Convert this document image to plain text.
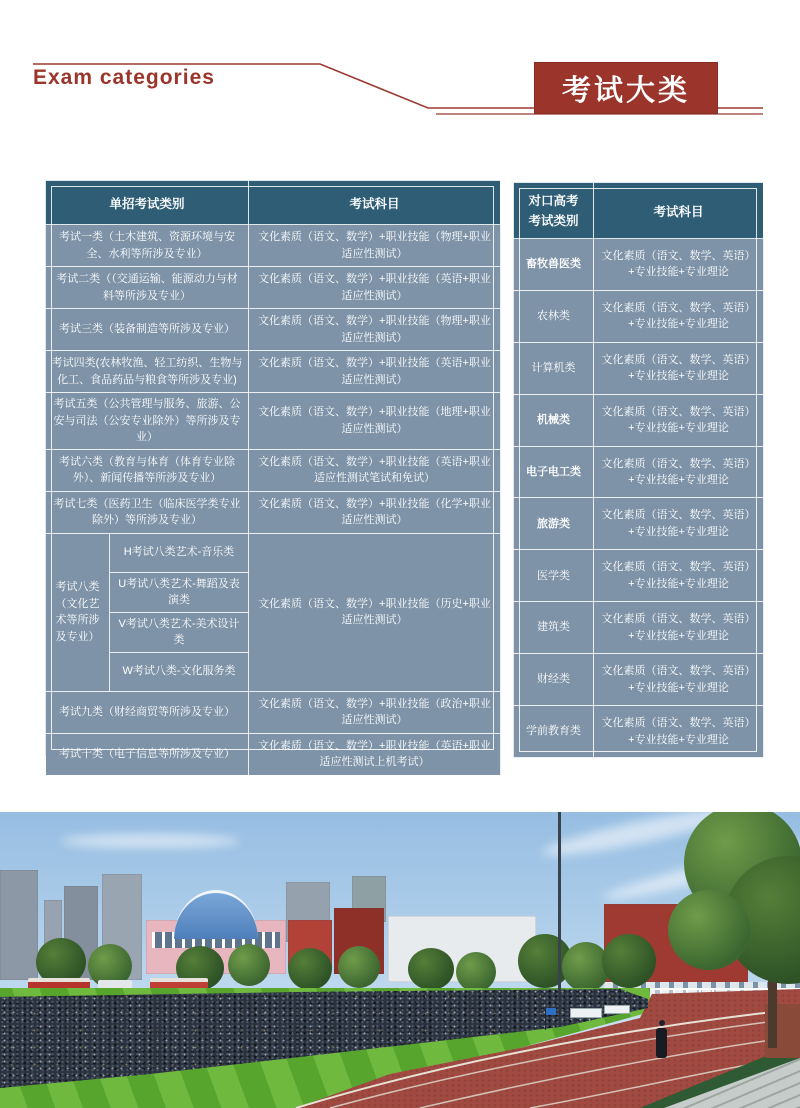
Exam categories	考试大类
单招考试类别		考试科目
考试一类（土木建筑、资源环境与安全、水利等所涉及专业）		文化素质（语文、数学）+职业技能（物理+职业适应性测试）
考试二类（（交通运输、能源动力与材料等所涉及专业）		文化素质（语文、数学）+职业技能（英语+职业适应性测试）
考试三类（装备制造等所涉及专业）		文化素质（语文、数学）+职业技能（物理+职业适应性测试）
考试四类(农林牧渔、轻工纺织、生物与化工、食品药品与粮食等所涉及专业)		文化素质（语文、数学）+职业技能（英语+职业适应性测试）
考试五类（公共管理与服务、旅游、公安与司法（公安专业除外）等所涉及专业）		文化素质（语文、数学）+职业技能（地理+职业适应性测试）
考试六类（教育与体育（体育专业除外）、新闻传播等所涉及专业）		文化素质（语文、数学）+职业技能（英语+职业适应性测试笔试和免试）
考试七类（医药卫生（临床医学类专业除外）等所涉及专业）		文化素质（语文、数学）+职业技能（化学+职业适应性测试）
考试八类（文化艺术等所涉及专业）	H考试八类艺术-音乐类	文化素质（语文、数学）+职业技能（历史+职业适应性测试）
	U考试八类艺术-舞蹈及表演类	
	V考试八类艺术-美术设计类	
	W考试八类-文化服务类	
考试九类（财经商贸等所涉及专业）		文化素质（语文、数学）+职业技能（政治+职业适应性测试）
考试十类（电子信息等所涉及专业）		文化素质（语文、数学）+职业技能（英语+职业适应性测试上机考试）
对口高考
考试类别	考试科目
畜牧兽医类	文化素质（语文、数学、英语）+专业技能+专业理论
农林类	文化素质（语文、数学、英语）+专业技能+专业理论
计算机类	文化素质（语文、数学、英语）+专业技能+专业理论
机械类	文化素质（语文、数学、英语）+专业技能+专业理论
电子电工类	文化素质（语文、数学、英语）+专业技能+专业理论
旅游类	文化素质（语文、数学、英语）+专业技能+专业理论
医学类	文化素质（语文、数学、英语）+专业技能+专业理论
建筑类	文化素质（语文、数学、英语）+专业技能+专业理论
财经类	文化素质（语文、数学、英语）+专业技能+专业理论
学前教育类	文化素质（语文、数学、英语）+专业技能+专业理论
